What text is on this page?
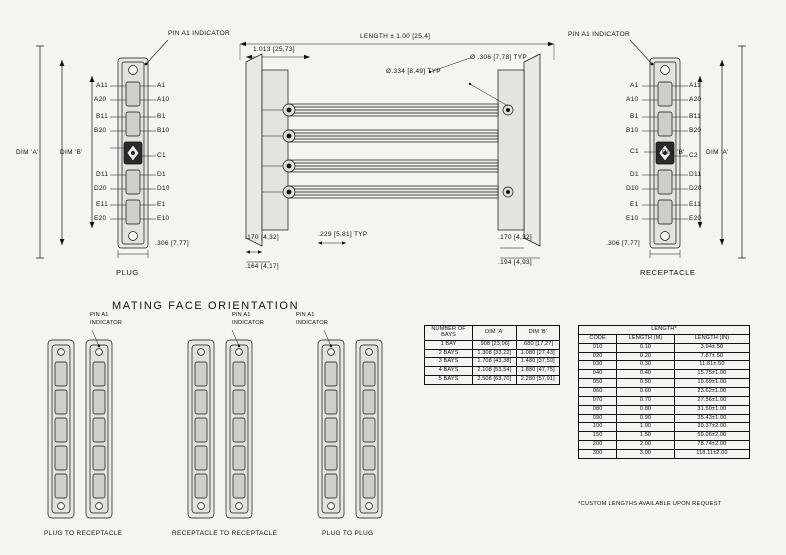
PIN A1 INDICATOR
DIM 'A'	DIM 'B'
A11
A20
B11
B20
D11
D20
E11
E20
A1
A10
B1
B10
C1
D1
D10
E1
E10
.306 [7,77]
PLUG
LENGTH ± 1.00 [25,4]
1.013 [25,73]
Ø .306 [7,78] TYP
Ø.334 [8,49] TYP
.170 [4,32]
.164 [4,17]
.229 [5,81] TYP	.170 [4,32]
.194 [4,93]
PIN A1 INDICATOR
DIM 'A'
DIM 'B'
A1
A10
B1
B10
C1
D1
D10
E1
E10
A11
A20
B11
B20
C2
D11
D20
E11
E20
.306 [7,77]
RECEPTACLE
MATING FACE ORIENTATION
PIN A1
INDICATOR
PIN A1
INDICATOR
PIN A1
INDICATOR
PLUG TO RECEPTACLE	RECEPTACLE TO RECEPTACLE	PLUG TO PLUG
NUMBER OF BAYS	DIM 'A'	DIM 'B'
1 BAY	.908 [23,06]	.680 [17,27]
2 BAYS	1.308 [33,22]	1.080 [27,43]
3 BAYS	1.708 [43,38]	1.480 [37,59]
4 BAYS	2.108 [53,54]	1.880 [47,75]
5 BAYS	2.508 [63,70]	2.280 [57,91]
LENGTH*		
CODE	LENGTH (M)	LENGTH (IN)
010	0.10	3.94±.50
020	0.20	7.87±.50
030	0.30	11.81±.50
040	0.40	15.75±1.00
050	0.50	19.69±1.00
060	0.60	23.62±1.00
070	0.70	27.56±1.00
080	0.80	31.50±1.00
090	0.90	35.43±1.00
100	1.00	39.37±2.00
150	1.50	59.06±2.00
200	2.00	78.74±2.00
300	3.00	118.11±2.00
*CUSTOM LENGTHS AVAILABLE UPON REQUEST
